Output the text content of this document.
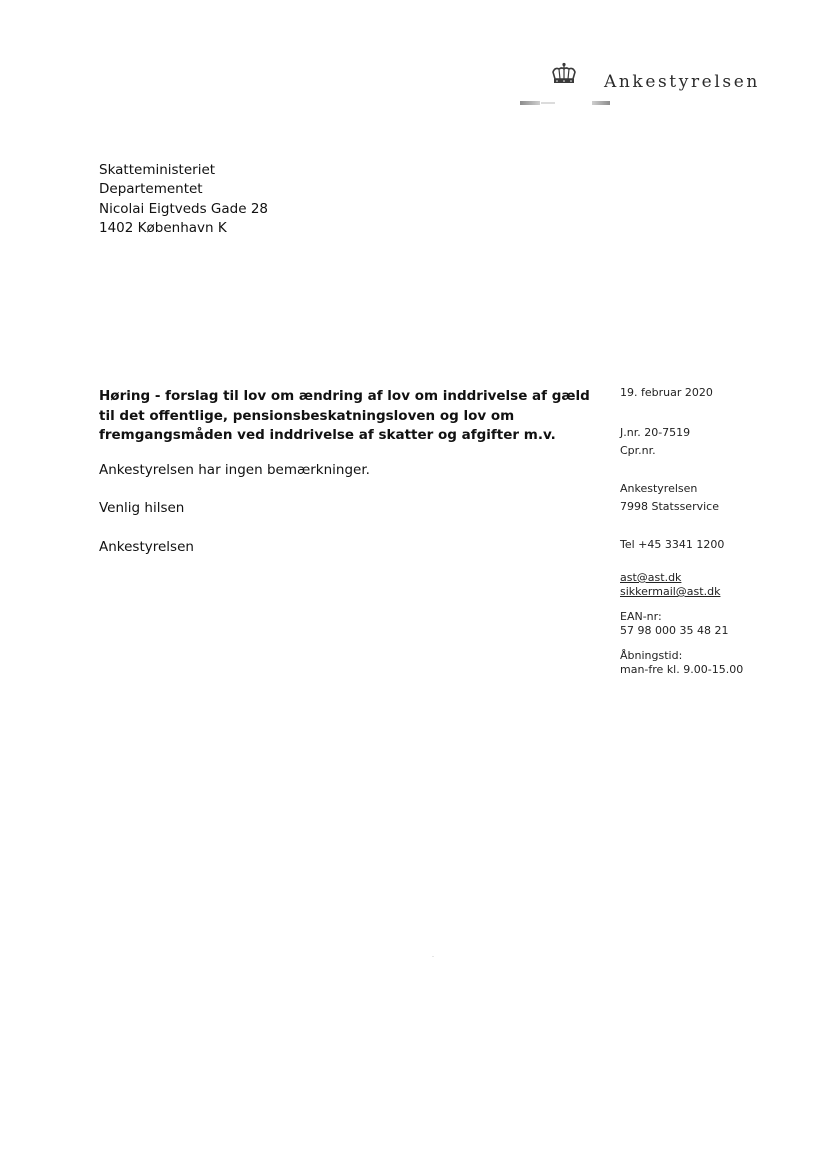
Ankestyrelsen
Skatteministeriet
Departementet
Nicolai Eigtveds Gade 28
1402 København K
Høring - forslag til lov om ændring af lov om inddrivelse af gæld til det offentlige, pensionsbeskatningsloven og lov om fremgangsmåden ved inddrivelse af skatter og afgifter m.v.
Ankestyrelsen har ingen bemærkninger.
Venlig hilsen
Ankestyrelsen
19. februar 2020
J.nr. 20-7519
Cpr.nr.
Ankestyrelsen
7998 Statsservice
Tel +45 3341 1200
ast@ast.dk
sikkermail@ast.dk
EAN-nr:
57 98 000 35 48 21
Åbningstid:
man-fre kl. 9.00-15.00
